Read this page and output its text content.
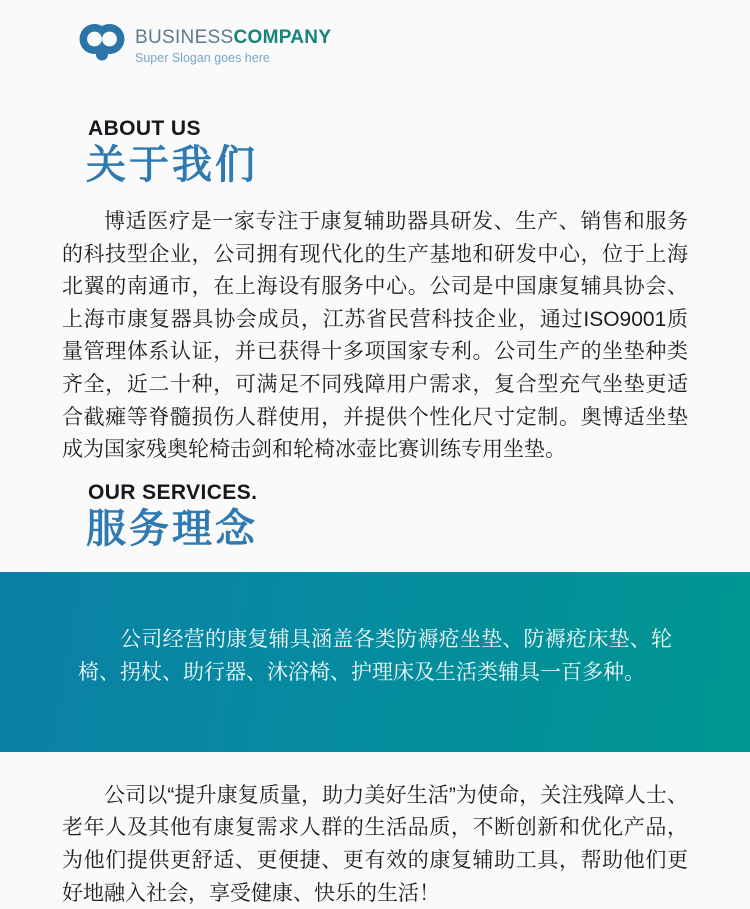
BUSINESSCOMPANY
Super Slogan goes here
ABOUT US
关于我们

博适医疗是一家专注于康复辅助器具研发、生产、销售和服务的科技型企业，公司拥有现代化的生产基地和研发中心，位于上海北翼的南通市，在上海设有服务中心。公司是中国康复辅具协会、上海市康复器具协会成员，江苏省民营科技企业，通过ISO9001质量管理体系认证，并已获得十多项国家专利。公司生产的坐垫种类齐全，近二十种，可满足不同残障用户需求，复合型充气坐垫更适合截瘫等脊髓损伤人群使用，并提供个性化尺寸定制。奥博适坐垫成为国家残奥轮椅击剑和轮椅冰壶比赛训练专用坐垫。

OUR SERVICES.
服务理念

公司经营的康复辅具涵盖各类防褥疮坐垫、防褥疮床垫、轮椅、拐杖、助行器、沐浴椅、护理床及生活类辅具一百多种。

公司以“提升康复质量，助力美好生活”为使命，关注残障人士、老年人及其他有康复需求人群的生活品质，不断创新和优化产品，为他们提供更舒适、更便捷、更有效的康复辅助工具，帮助他们更好地融入社会，享受健康、快乐的生活！
